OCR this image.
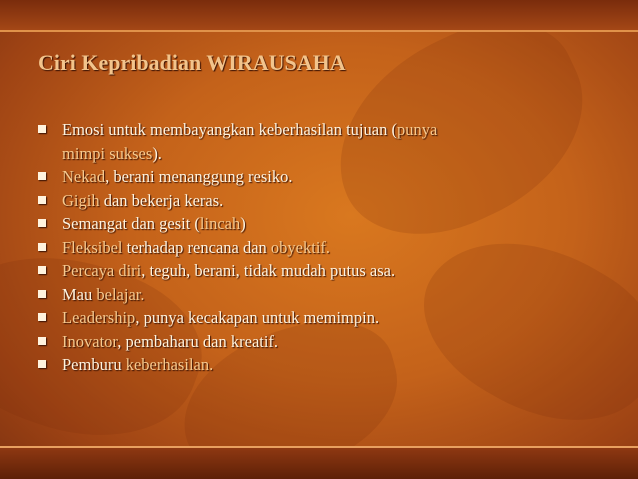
Ciri Kepribadian WIRAUSAHA
Emosi untuk membayangkan keberhasilan tujuan (punya
mimpi sukses).
Nekad, berani menanggung resiko.
Gigih dan bekerja keras.
Semangat dan gesit (lincah)
Fleksibel terhadap rencana dan obyektif.
Percaya diri, teguh, berani, tidak mudah putus asa.
Mau belajar.
Leadership, punya kecakapan untuk memimpin.
Inovator, pembaharu dan kreatif.
Pemburu keberhasilan.
